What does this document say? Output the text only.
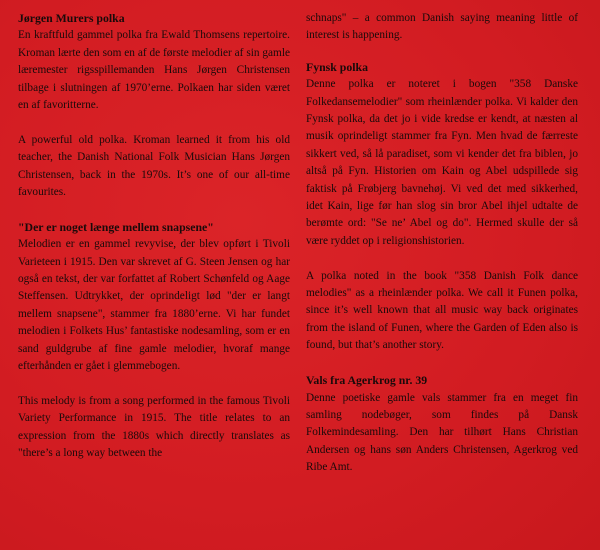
Jørgen Murers polka

En kraftfuld gammel polka fra Ewald Thomsens repertoire. Kroman lærte den som en af de første melodier af sin gamle læremester rigsspillemanden Hans Jørgen Christensen tilbage i slutningen af 1970’erne. Polkaen har siden været en af favoritterne.

A powerful old polka. Kroman learned it from his old teacher, the Danish National Folk Musician Hans Jørgen Christensen, back in the 1970s. It’s one of our all-time favourites.

"Der er noget længe mellem snapsene"

Melodien er en gammel revyvise, der blev opført i Tivoli Varieteen i 1915. Den var skrevet af G. Steen Jensen og har også en tekst, der var forfattet af Robert Schønfeld og Aage Steffensen. Udtrykket, der oprindeligt lød "der er langt mellem snapsene", stammer fra 1880’erne. Vi har fundet melodien i Folkets Hus’ fantastiske nodesamling, som er en sand guldgrube af fine gamle melodier, hvoraf mange efterhånden er gået i glemmebogen.

This melody is from a song performed in the famous Tivoli Variety Performance in 1915. The title relates to an expression from the 1880s which directly translates as "there’s a long way between the

schnaps" – a common Danish saying meaning little of interest is happening.

Fynsk polka

Denne polka er noteret i bogen "358 Danske Folkedansemelodier" som rheinlænder polka. Vi kalder den Fynsk polka, da det jo i vide kredse er kendt, at næsten al musik oprindeligt stammer fra Fyn. Men hvad de færreste sikkert ved, så lå paradiset, som vi kender det fra biblen, jo altså på Fyn. Historien om Kain og Abel udspillede sig faktisk på Frøbjerg bavnehøj. Vi ved det med sikkerhed, idet Kain, lige før han slog sin bror Abel ihjel udtalte de berømte ord: "Se ne’ Abel og do". Hermed skulle der så være ryddet op i religionshistorien.

A polka noted in the book "358 Danish Folk dance melodies" as a rheinlænder polka. We call it Funen polka, since it’s well known that all music way back originates from the island of Funen, where the Garden of Eden also is found, but that’s another story.

Vals fra Agerkrog nr. 39

Denne poetiske gamle vals stammer fra en meget fin samling nodebøger, som findes på Dansk Folkemindesamling. Den har tilhørt Hans Christian Andersen og hans søn Anders Christensen, Agerkrog ved Ribe Amt.
